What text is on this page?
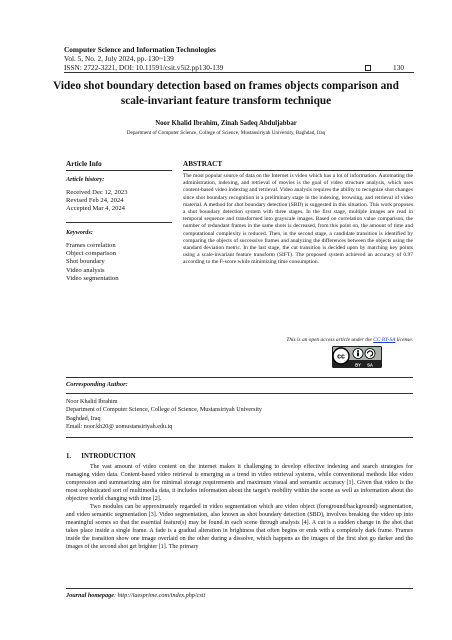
Computer Science and Information Technologies
Vol. 5, No. 2, July 2024, pp. 130~139
ISSN: 2722-3221, DOI: 10.11591/csit.v5i2.pp130-139	130
Video shot boundary detection based on frames objects comparison and scale-invariant feature transform technique
Noor Khalid Ibrahim, Zinah Sadeq Abduljabbar
Department of Computer Science, College of Science, Mustansiriyah University, Baghdad, Iraq
Article Info
Article history:
Received Dec 12, 2023
Revised Feb 24, 2024
Accepted Mar 4, 2024
Keywords:
Frames correlation
Object comparison
Shot boundary
Video analysis
Video segmentation
ABSTRACT
The most popular source of data on the Internet is video which has a lot of information. Automating the administration, indexing, and retrieval of movies is the goal of video structure analysis, which uses content-based video indexing and retrieval. Video analysis requires the ability to recognize shot changes since shot boundary recognition is a preliminary stage in the indexing, browsing, and retrieval of video material. A method for shot boundary detection (SBD) is suggested in this situation. This work proposes a shot boundary detection system with three stages. In the first stage, multiple images are read in temporal sequence and transformed into grayscale images. Based on correlation value comparison, the number of redundant frames in the same shots is decreased, from this point on, the amount of time and computational complexity is reduced. Then, in the second stage, a candidate transition is identified by comparing the objects of successive frames and analyzing the differences between the objects using the standard deviation metric. In the last stage, the cut transition is decided upon by matching key points using a scale-invariant feature transform (SIFT). The proposed system achieved an accuracy of 0.97 according to the F-score while minimizing time consumption.
This is an open access article under the CC BY-SA license.
cc
BY SA
Corresponding Author:
Noor Khalid Ibrahim
Department of Computer Science, College of Science, Mustansiriyah University
Baghdad, Iraq
Email: noor.kh20@ uomustansiriyah.edu.iq
1.      INTRODUCTION

The vast amount of video content on the internet makes it challenging to develop effective indexing and search strategies for managing video data. Content-based video retrieval is emerging as a trend in video retrieval systems, while conventional methods like video compression and summarizing aim for minimal storage requirements and maximum visual and semantic accuracy [1]. Given that video is the most sophisticated sort of multimedia data, it includes information about the target's mobility within the scene as well as information about the objective world changing with time [2].

Two modules can be approximately regarded in video segmentation which are video object (foreground/background) segmentation, and video semantic segmentation [3]. Video segmentation, also known as shot boundary detection (SBD), involves breaking the video up into meaningful scenes so that the essential feature(s) may be found in each scene through analysis [4]. A cut is a sudden change in the shot that takes place inside a single frame. A fade is a gradual alteration in brightness that often begins or ends with a completely dark frame. Frames inside the transition show one image overlaid on the other during a dissolve, which happens as the images of the first shot go darker and the images of the second shot get brighter [1]. The primary

Journal homepage: http://iaesprime.com/index.php/csit
